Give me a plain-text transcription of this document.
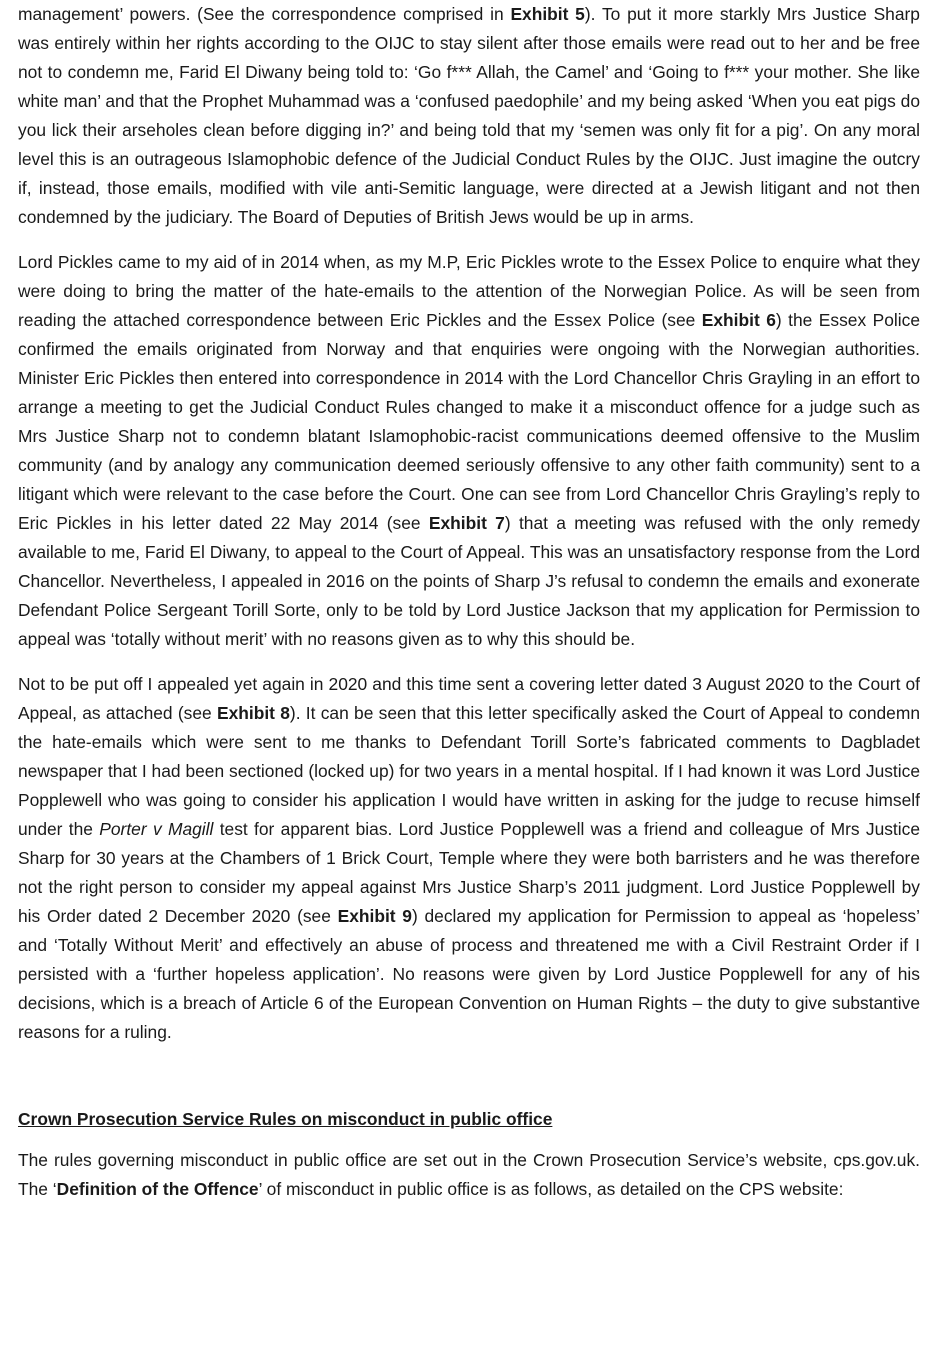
management’ powers. (See the correspondence comprised in Exhibit 5). To put it more starkly Mrs Justice Sharp was entirely within her rights according to the OIJC to stay silent after those emails were read out to her and be free not to condemn me, Farid El Diwany being told to: ‘Go f*** Allah, the Camel’ and ‘Going to f*** your mother. She like white man’ and that the Prophet Muhammad was a ‘confused paedophile’ and my being asked ‘When you eat pigs do you lick their arseholes clean before digging in?’ and being told that my ‘semen was only fit for a pig’. On any moral level this is an outrageous Islamophobic defence of the Judicial Conduct Rules by the OIJC. Just imagine the outcry if, instead, those emails, modified with vile anti-Semitic language, were directed at a Jewish litigant and not then condemned by the judiciary. The Board of Deputies of British Jews would be up in arms.

Lord Pickles came to my aid of in 2014 when, as my M.P, Eric Pickles wrote to the Essex Police to enquire what they were doing to bring the matter of the hate-emails to the attention of the Norwegian Police. As will be seen from reading the attached correspondence between Eric Pickles and the Essex Police (see Exhibit 6) the Essex Police confirmed the emails originated from Norway and that enquiries were ongoing with the Norwegian authorities. Minister Eric Pickles then entered into correspondence in 2014 with the Lord Chancellor Chris Grayling in an effort to arrange a meeting to get the Judicial Conduct Rules changed to make it a misconduct offence for a judge such as Mrs Justice Sharp not to condemn blatant Islamophobic-racist communications deemed offensive to the Muslim community (and by analogy any communication deemed seriously offensive to any other faith community) sent to a litigant which were relevant to the case before the Court. One can see from Lord Chancellor Chris Grayling’s reply to Eric Pickles in his letter dated 22 May 2014 (see Exhibit 7) that a meeting was refused with the only remedy available to me, Farid El Diwany, to appeal to the Court of Appeal. This was an unsatisfactory response from the Lord Chancellor. Nevertheless, I appealed in 2016 on the points of Sharp J’s refusal to condemn the emails and exonerate Defendant Police Sergeant Torill Sorte, only to be told by Lord Justice Jackson that my application for Permission to appeal was ‘totally without merit’ with no reasons given as to why this should be.

Not to be put off I appealed yet again in 2020 and this time sent a covering letter dated 3 August 2020 to the Court of Appeal, as attached (see Exhibit 8). It can be seen that this letter specifically asked the Court of Appeal to condemn the hate-emails which were sent to me thanks to Defendant Torill Sorte’s fabricated comments to Dagbladet newspaper that I had been sectioned (locked up) for two years in a mental hospital. If I had known it was Lord Justice Popplewell who was going to consider his application I would have written in asking for the judge to recuse himself under the Porter v Magill test for apparent bias. Lord Justice Popplewell was a friend and colleague of Mrs Justice Sharp for 30 years at the Chambers of 1 Brick Court, Temple where they were both barristers and he was therefore not the right person to consider my appeal against Mrs Justice Sharp’s 2011 judgment. Lord Justice Popplewell by his Order dated 2 December 2020 (see Exhibit 9) declared my application for Permission to appeal as ‘hopeless’ and ‘Totally Without Merit’ and effectively an abuse of process and threatened me with a Civil Restraint Order if I persisted with a ‘further hopeless application’. No reasons were given by Lord Justice Popplewell for any of his decisions, which is a breach of Article 6 of the European Convention on Human Rights – the duty to give substantive reasons for a ruling.

Crown Prosecution Service Rules on misconduct in public office

The rules governing misconduct in public office are set out in the Crown Prosecution Service’s website, cps.gov.uk. The ‘Definition of the Offence’ of misconduct in public office is as follows, as detailed on the CPS website:
